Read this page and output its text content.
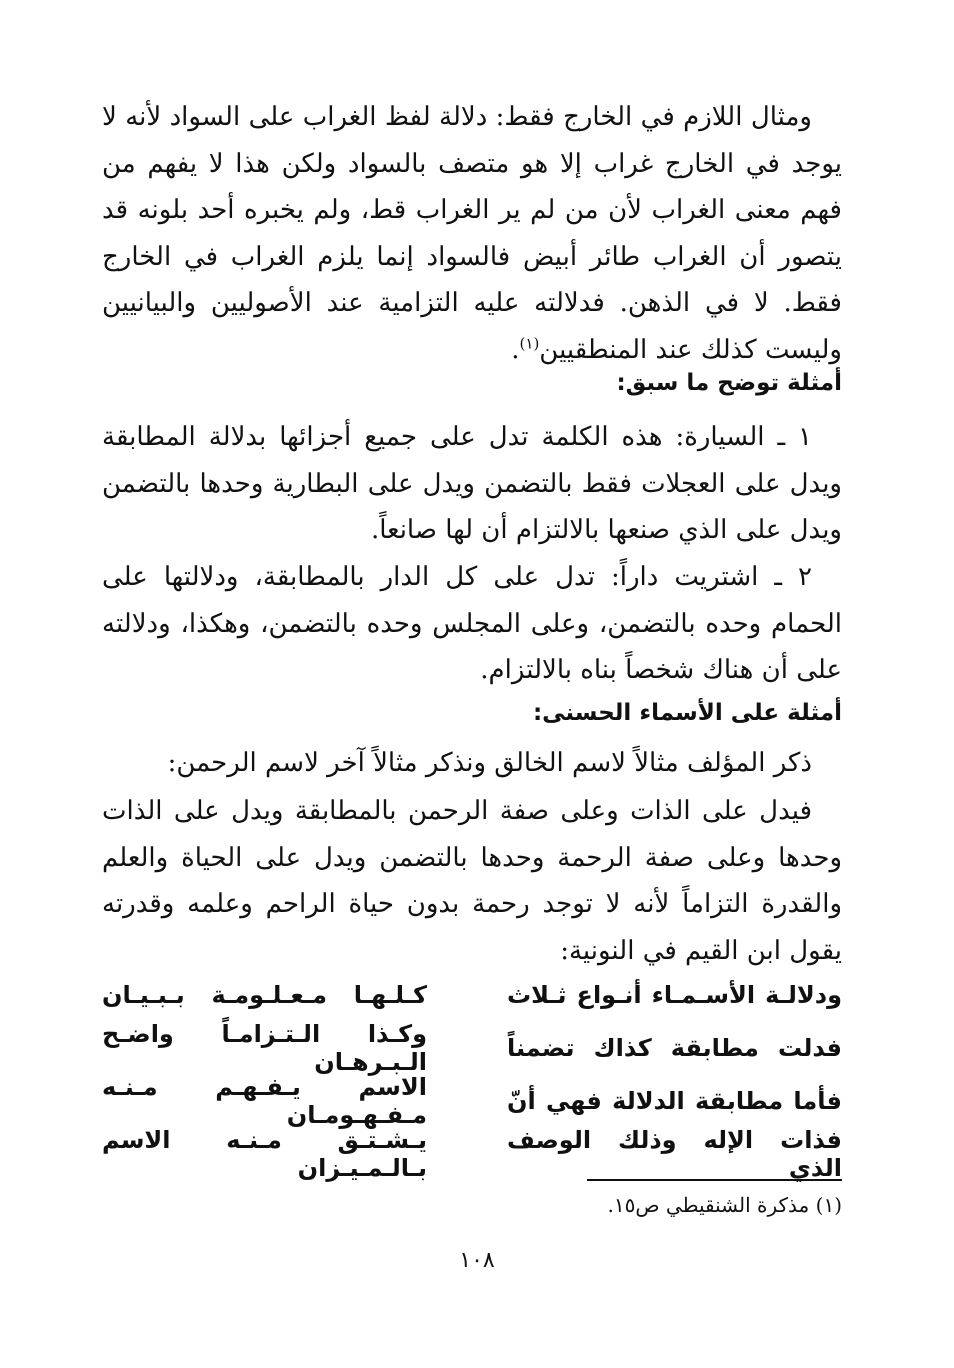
ومثال اللازم في الخارج فقط: دلالة لفظ الغراب على السواد لأنه لا يوجد في الخارج غراب إلا هو متصف بالسواد ولكن هذا لا يفهم من فهم معنى الغراب لأن من لم ير الغراب قط، ولم يخبره أحد بلونه قد يتصور أن الغراب طائر أبيض فالسواد إنما يلزم الغراب في الخارج فقط. لا في الذهن. فدلالته عليه التزامية عند الأصوليين والبيانيين وليست كذلك عند المنطقيين$^{(١)}$.

أمثلة توضح ما سبق:

١ ـ السيارة: هذه الكلمة تدل على جميع أجزائها بدلالة المطابقة ويدل على العجلات فقط بالتضمن ويدل على البطارية وحدها بالتضمن ويدل على الذي صنعها بالالتزام أن لها صانعاً.

٢ ـ اشتريت داراً: تدل على كل الدار بالمطابقة، ودلالتها على الحمام وحده بالتضمن، وعلى المجلس وحده بالتضمن، وهكذا، ودلالته على أن هناك شخصاً بناه بالالتزام.

أمثلة على الأسماء الحسنى:

ذكر المؤلف مثالاً لاسم الخالق ونذكر مثالاً آخر لاسم الرحمن:

فيدل على الذات وعلى صفة الرحمن بالمطابقة ويدل على الذات وحدها وعلى صفة الرحمة وحدها بالتضمن ويدل على الحياة والعلم والقدرة التزاماً لأنه لا توجد رحمة بدون حياة الراحم وعلمه وقدرته يقول ابن القيم في النونية:

ودلالـة الأسـمـاء أنـواع ثـلاث
كـلـهـا مـعـلـومـة بـبـيـان
فدلت مطابقة كذاك تضمناً
وكـذا الـتـزامـاً واضـح الـبـرهـان
فأما مطابقة الدلالة فهي أنّ
الاسم يـفـهـم مـنـه مـفـهـومـان
فذات الإله وذلك الوصف الذي
يـشـتـق مـنـه الاسم بـالـمـيـزان
(١) مذكرة الشنقيطي ص١٥.
١٠٨
